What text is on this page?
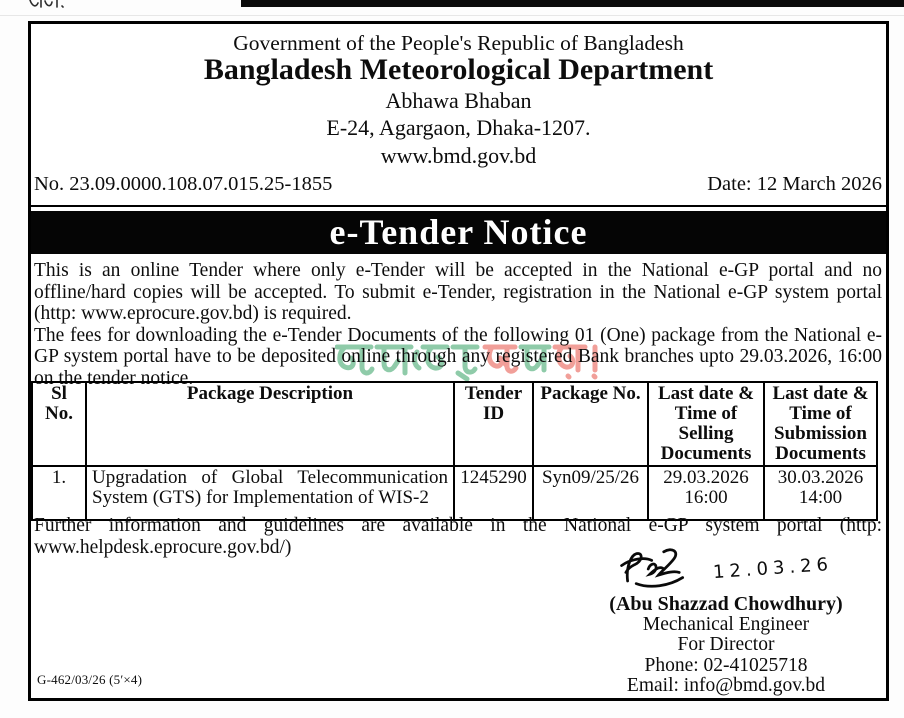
Government of the People's Republic of Bangladesh
Bangladesh Meteorological Department
Abhawa Bhaban
E-24, Agargaon, Dhaka-1207.
www.bmd.gov.bd
No. 23.09.0000.108.07.015.25-1855	Date: 12 March 2026
e-Tender Notice

This is an online Tender where only e-Tender will be accepted in the National e-GP portal and no offline/hard copies will be accepted. To submit e-Tender, registration in the National e-GP system portal (http: www.eprocure.gov.bd) is required.

The fees for downloading the e-Tender Documents of the following 01 (One) package from the National e-GP system portal have to be deposited online through any registered Bank branches upto 29.03.2026, 16:00 on the tender notice.

Sl No.	Package Description	Tender ID	Package No.	Last date & Time of Selling Documents	Last date & Time of Submission Documents
1.	Upgradation of Global Telecommunication System (GTS) for Implementation of WIS-2	1245290	Syn09/25/26	29.03.2026 16:00	30.03.2026 14:00
Further information and guidelines are available in the National e-GP system portal (http: www.helpdesk.eprocure.gov.bd/)
12.03.26
(Abu Shazzad Chowdhury)
Mechanical Engineer
For Director
Phone: 02-41025718
Email: info@bmd.gov.bd
G-462/03/26 (5′×4)
